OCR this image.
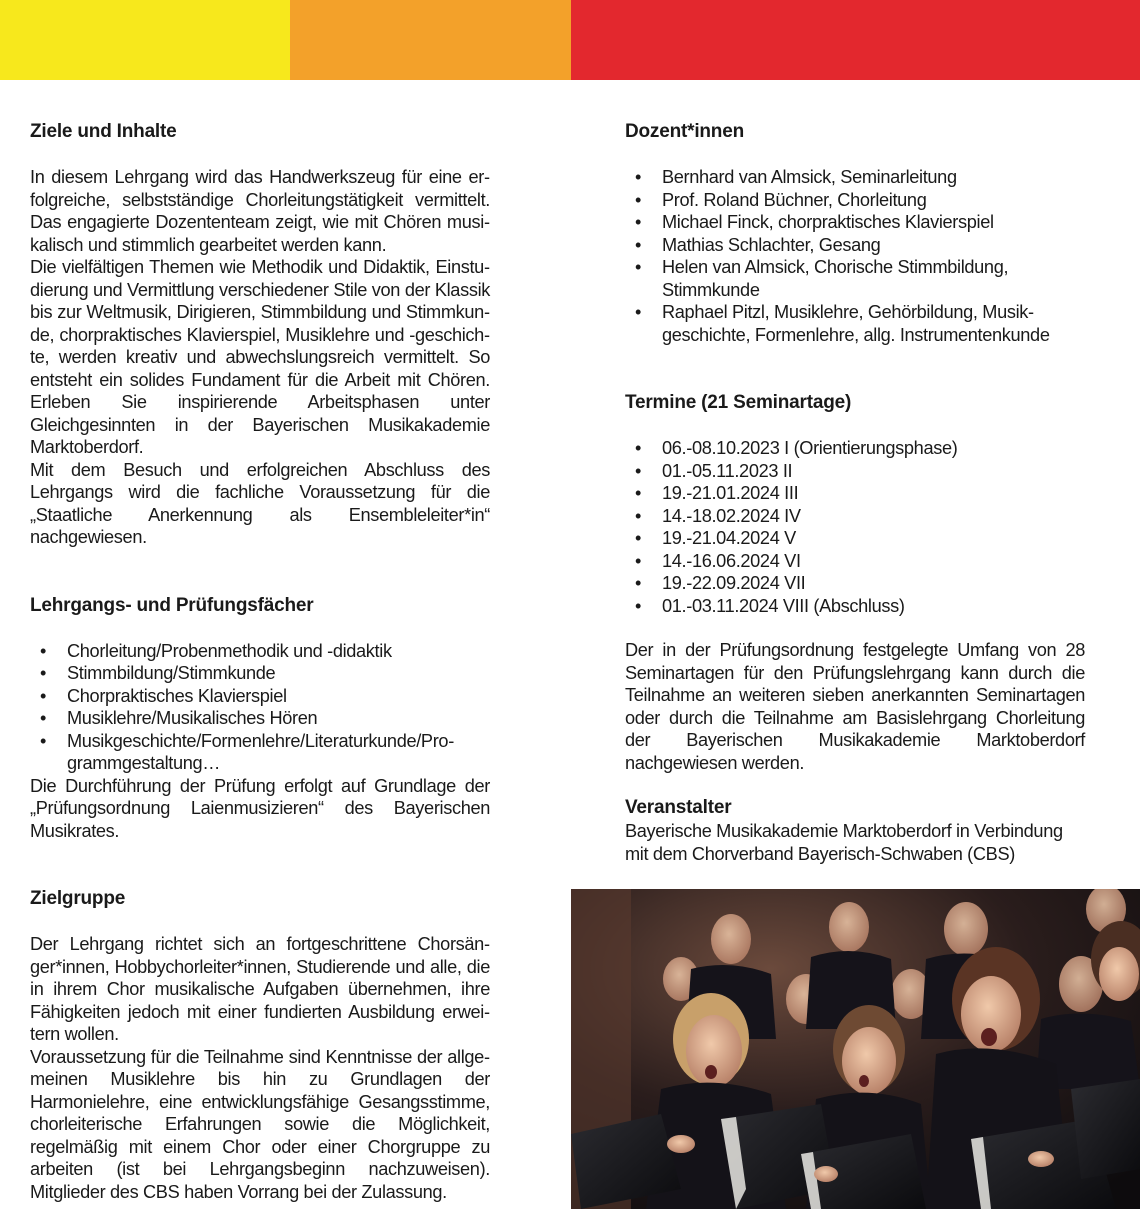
Ziele und Inhalte

In diesem Lehrgang wird das Handwerkszeug für eine erfolgreiche, selbstständige Chorleitungstätigkeit vermittelt. Das engagierte Dozententeam zeigt, wie mit Chören musikalisch und stimmlich gearbeitet werden kann.

Die vielfältigen Themen wie Methodik und Didaktik, Einstudierung und Vermittlung verschiedener Stile von der Klassik bis zur Weltmusik, Dirigieren, Stimmbildung und Stimmkunde, chorpraktisches Klavierspiel, Musiklehre und -geschichte, werden kreativ und abwechslungsreich vermittelt. So entsteht ein solides Fundament für die Arbeit mit Chören. Erleben Sie inspirierende Arbeitsphasen unter Gleichgesinnten in der Bayerischen Musikakademie Marktoberdorf.

Mit dem Besuch und erfolgreichen Abschluss des Lehrgangs wird die fachliche Voraussetzung für die „Staatliche Anerkennung als Ensembleleiter*in“ nachgewiesen.

Lehrgangs- und Prüfungsfächer
• Chorleitung/Probenmethodik und -didaktik
• Stimmbildung/Stimmkunde
• Chorpraktisches Klavierspiel
• Musiklehre/Musikalisches Hören
• Musikgeschichte/Formenlehre/Literaturkunde/Programmgestaltung…

Die Durchführung der Prüfung erfolgt auf Grundlage der „Prüfungsordnung Laienmusizieren“ des Bayerischen Musikrates.

Zielgruppe

Der Lehrgang richtet sich an fortgeschrittene Chorsänger*innen, Hobbychorleiter*innen, Studierende und alle, die in ihrem Chor musikalische Aufgaben übernehmen, ihre Fähigkeiten jedoch mit einer fundierten Ausbildung erweitern wollen.

Voraussetzung für die Teilnahme sind Kenntnisse der allgemeinen Musiklehre bis hin zu Grundlagen der Harmonielehre, eine entwicklungsfähige Gesangsstimme, chorleiterische Erfahrungen sowie die Möglichkeit, regelmäßig mit einem Chor oder einer Chorgruppe zu arbeiten (ist bei Lehrgangsbeginn nachzuweisen). Mitglieder des CBS haben Vorrang bei der Zulassung.

Dozent*innen
• Bernhard van Almsick, Seminarleitung
• Prof. Roland Büchner, Chorleitung
• Michael Finck, chorpraktisches Klavierspiel
• Mathias Schlachter, Gesang
• Helen van Almsick, Chorische Stimmbildung, Stimmkunde
• Raphael Pitzl, Musiklehre, Gehörbildung, Musikgeschichte, Formenlehre, allg. Instrumentenkunde
Termine (21 Seminartage)
• 06.-08.10.2023 I (Orientierungsphase)
• 01.-05.11.2023 II
• 19.-21.01.2024 III
• 14.-18.02.2024 IV
• 19.-21.04.2024 V
• 14.-16.06.2024 VI
• 19.-22.09.2024 VII
• 01.-03.11.2024 VIII (Abschluss)

Der in der Prüfungsordnung festgelegte Umfang von 28 Seminartagen für den Prüfungslehrgang kann durch die Teilnahme an weiteren sieben anerkannten Seminartagen oder durch die Teilnahme am Basislehrgang Chorleitung der Bayerischen Musikakademie Marktoberdorf nachgewiesen werden.

Veranstalter

Bayerische Musikakademie Marktoberdorf in Verbindung mit dem Chorverband Bayerisch-Schwaben (CBS)
